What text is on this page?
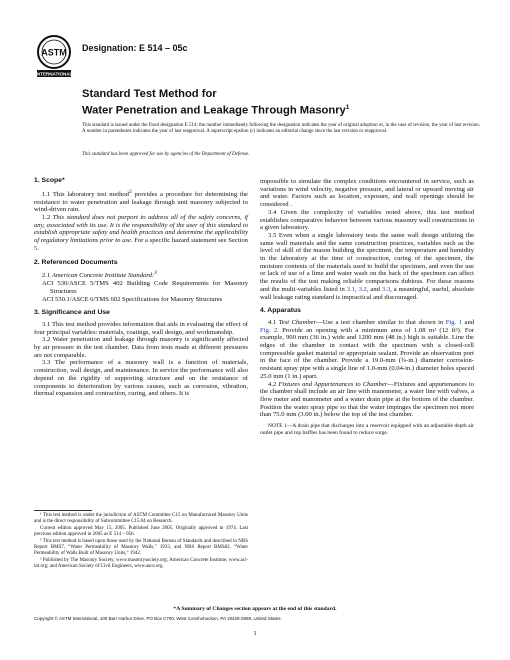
ASTM
INTERNATIONAL
Designation: E 514 – 05c
Standard Test Method for
Water Penetration and Leakage Through Masonry$^1$
This standard is issued under the fixed designation E 514; the number immediately following the designation indicates the year of original adoption or, in the case of revision, the year of last revision. A number in parentheses indicates the year of last reapproval. A superscript epsilon (ε) indicates an editorial change since the last revision or reapproval.
This standard has been approved for use by agencies of the Department of Defense.
1. Scope*

1.1 This laboratory test method$^2$ provides a procedure for determining the resistance to water penetration and leakage through unit masonry subjected to wind-driven rain.

1.2 This standard does not purport to address all of the safety concerns, if any, associated with its use. It is the responsibility of the user of this standard to establish appropriate safety and health practices and determine the applicability of regulatory limitations prior to use. For a specific hazard statement see Section 5.

2. Referenced Documents

2.1 American Concrete Institute Standard:$^3$

ACI 530/ASCE 5/TMS 402 Building Code Requirements for Masonry Structures

ACI 530.1/ASCE 6/TMS 602 Specifications for Masonry Structures

3. Significance and Use

3.1 This test method provides information that aids in evaluating the effect of four principal variables: materials, coatings, wall design, and workmanship.

3.2 Water penetration and leakage through masonry is significantly affected by air pressure in the test chamber. Data from tests made at different pressures are not comparable.

3.3 The performance of a masonry wall is a function of materials, construction, wall design, and maintenance. In service the performance will also depend on the rigidity of supporting structure and on the resistance of components to deterioration by various causes, such as corrosion, vibration, thermal expansion and contraction, curing, and others. It is

impossible to simulate the complex conditions encountered in service, such as variations in wind velocity, negative pressure, and lateral or upward moving air and water. Factors such as location, exposure, and wall openings should be considered .

3.4 Given the complexity of variables noted above, this test method establishes comparative behavior between various masonry wall constructions in a given laboratory.

3.5 Even when a single laboratory tests the same wall design utilizing the same wall materials and the same construction practices, variables such as the level of skill of the mason building the specimen, the temperature and humidity in the laboratory at the time of construction, curing of the specimen, the moisture contents of the materials used to build the specimen, and even the use or lack of use of a lime and water wash on the back of the specimen can affect the results of the test making reliable comparisons dubious. For these reasons and the multi-variables listed in 3.1, 3.2, and 3.3, a meaningful, useful, absolute wall leakage rating standard is impractical and discouraged.

4. Apparatus

4.1 Test Chamber—Use a test chamber similar to that shown in Fig. 1 and Fig. 2. Provide an opening with a minimum area of 1.08 m² (12 ft²). For example, 900 mm (36 in.) wide and 1200 mm (48 in.) high is suitable. Line the edges of the chamber in contact with the specimen with a closed-cell compressible gasket material or appropriate sealant. Provide an observation port in the face of the chamber. Provide a 19.0-mm (¾-in.) diameter corrosion-resistant spray pipe with a single line of 1.0-mm (0.04-in.) diameter holes spaced 25.0 mm (1 in.) apart.

4.2 Fixtures and Appurtenances to Chamber—Fixtures and appurtenances to the chamber shall include an air line with manometer, a water line with valves, a flow meter and manometer and a water drain pipe at the bottom of the chamber. Position the water spray pipe so that the water impinges the specimen not more than 75.0 mm (3.00 in.) below the top of the test chamber.

NOTE 1—A drain pipe that discharges into a reservoir equipped with an adjustable depth air outlet pipe and top baffles has been found to reduce surge.

¹ This test method is under the jurisdiction of ASTM Committee C15 on Manufactured Masonry Units and is the direct responsibility of Subcommittee C15.04 on Research.

Current edition approved May 15, 2005. Published June 2005. Originally approved in 1974. Last previous edition approved in 2005 as E 514 – 05b.

² This test method is based upon those used by the National Bureau of Standards and described in NBS Report BMS7, “Water Permeability of Masonry Walls,” 1933, and NBS Report BMS82, “Water Permeability of Walls Built of Masonry Units,” 1942.

³ Published by The Masonry Society, www.masonrysociety.org; American Concrete Institute, www.aci-int.org; and American Society of Civil Engineers, www.asce.org.

*A Summary of Changes section appears at the end of this standard.
Copyright © ASTM International, 100 Barr Harbor Drive, PO Box C700, West Conshohocken, PA 19428-2959, United States.
1
